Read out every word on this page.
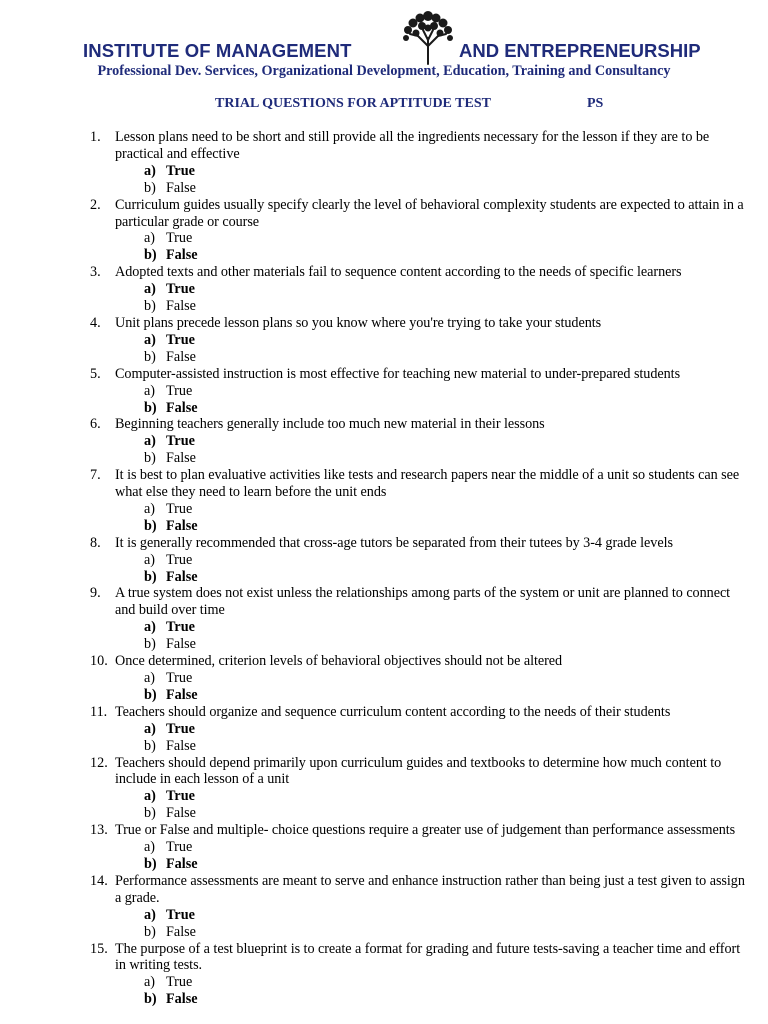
INSTITUTE OF MANAGEMENT	AND ENTREPRENEURSHIP
Professional Dev. Services, Organizational Development, Education, Training and Consultancy
TRIAL QUESTIONS FOR APTITUDE TEST	PS
1.	Lesson plans need to be short and still provide all the ingredients necessary for the lesson if they are to be practical and effective
a) True
b) False
2.	Curriculum guides usually specify clearly the level of behavioral complexity students are expected to attain in a particular grade or course
a) True
b) False
3.	Adopted texts and other materials fail to sequence content according to the needs of specific learners
a) True
b) False
4.	Unit plans precede lesson plans so you know where you're trying to take your students
a) True
b) False
5.	Computer-assisted instruction is most effective for teaching new material to under-prepared students
a) True
b) False
6.	Beginning teachers generally include too much new material in their lessons
a) True
b) False
7.	It is best to plan evaluative activities like tests and research papers near the middle of a unit so students can see what else they need to learn before the unit ends
a) True
b) False
8.	It is generally recommended that cross-age tutors be separated from their tutees by 3-4 grade levels
a) True
b) False
9.	A true system does not exist unless the relationships among parts of the system or unit are planned to connect and build over time
a) True
b) False
10. Once determined, criterion levels of behavioral objectives should not be altered
a) True
b) False
11. Teachers should organize and sequence curriculum content according to the needs of their students
a) True
b) False
12. Teachers should depend primarily upon curriculum guides and textbooks to determine how much content to include in each lesson of a unit
a) True
b) False
13. True or False and multiple- choice questions require a greater use of judgement than performance assessments
a) True
b) False
14. Performance assessments are meant to serve and enhance instruction rather than being just a test given to assign a grade.
a) True
b) False
15. The purpose of a test blueprint is to create a format for grading and future tests-saving a teacher time and effort in writing tests.
a) True
b) False
